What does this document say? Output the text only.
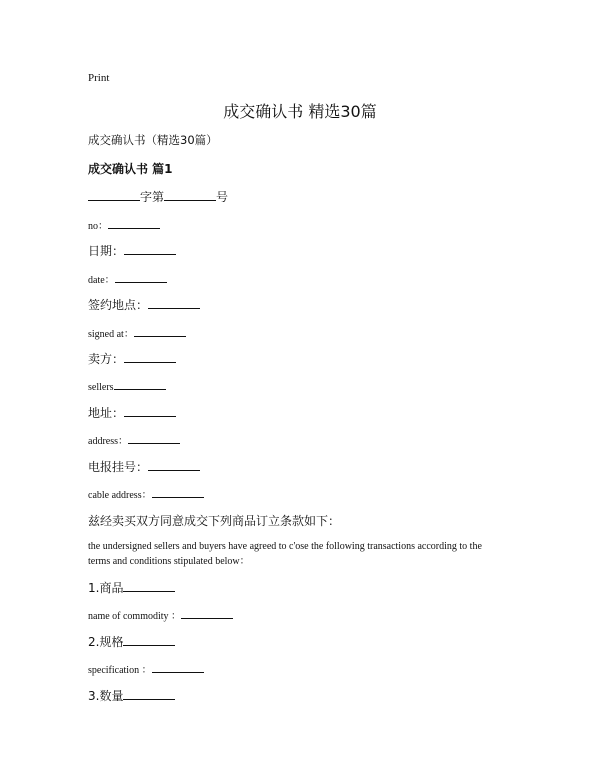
Print
成交确认书 精选30篇
成交确认书（精选30篇）
成交确认书 篇1
字第	号
no：
日期：
date：
签约地点：
signed at：
卖方：
sellers
地址：
address：
电报挂号：
cable address：
兹经卖买双方同意成交下列商品订立条款如下：
the undersigned sellers and buyers have agreed to c'ose the following transactions according to the terms and conditions stipulated below：
1.商品
name of commodity ：
2.规格
specification ：
3.数量
